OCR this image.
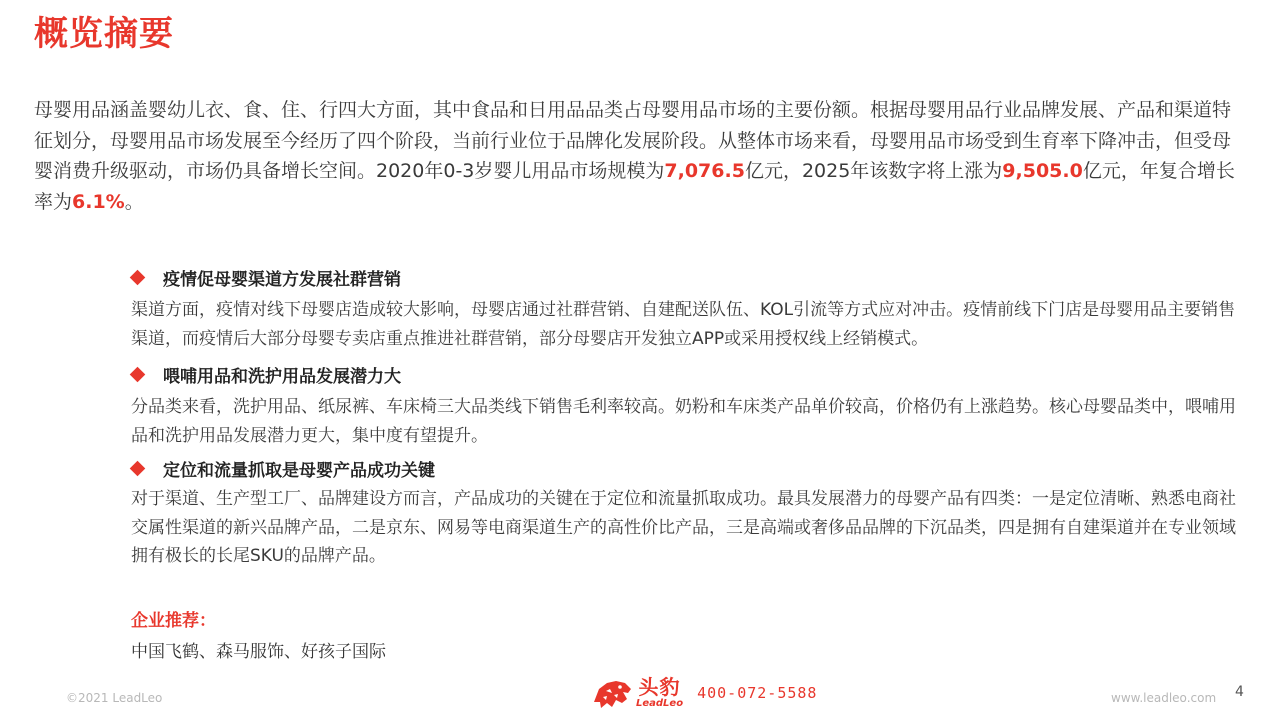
概览摘要
母婴用品涵盖婴幼儿衣、食、住、行四大方面，其中食品和日用品品类占母婴用品市场的主要份额。根据母婴用品行业品牌发展、产品和渠道特征划分，母婴用品市场发展至今经历了四个阶段，当前行业位于品牌化发展阶段。从整体市场来看，母婴用品市场受到生育率下降冲击，但受母婴消费升级驱动，市场仍具备增长空间。2020年0-3岁婴儿用品市场规模为7,076.5亿元，2025年该数字将上涨为9,505.0亿元，年复合增长率为6.1%。
疫情促母婴渠道方发展社群营销
渠道方面，疫情对线下母婴店造成较大影响，母婴店通过社群营销、自建配送队伍、KOL引流等方式应对冲击。疫情前线下门店是母婴用品主要销售渠道，而疫情后大部分母婴专卖店重点推进社群营销，部分母婴店开发独立APP或采用授权线上经销模式。
喂哺用品和洗护用品发展潜力大
分品类来看，洗护用品、纸尿裤、车床椅三大品类线下销售毛利率较高。奶粉和车床类产品单价较高，价格仍有上涨趋势。核心母婴品类中，喂哺用品和洗护用品发展潜力更大，集中度有望提升。
定位和流量抓取是母婴产品成功关键
对于渠道、生产型工厂、品牌建设方而言，产品成功的关键在于定位和流量抓取成功。最具发展潜力的母婴产品有四类：一是定位清晰、熟悉电商社交属性渠道的新兴品牌产品，二是京东、网易等电商渠道生产的高性价比产品，三是高端或奢侈品品牌的下沉品类，四是拥有自建渠道并在专业领域拥有极长的长尾SKU的品牌产品。
企业推荐：
中国飞鹤、森马服饰、好孩子国际
©2021 LeadLeo	头豹
LeadLeo
400-072-5588	www.leadleo.com 4
